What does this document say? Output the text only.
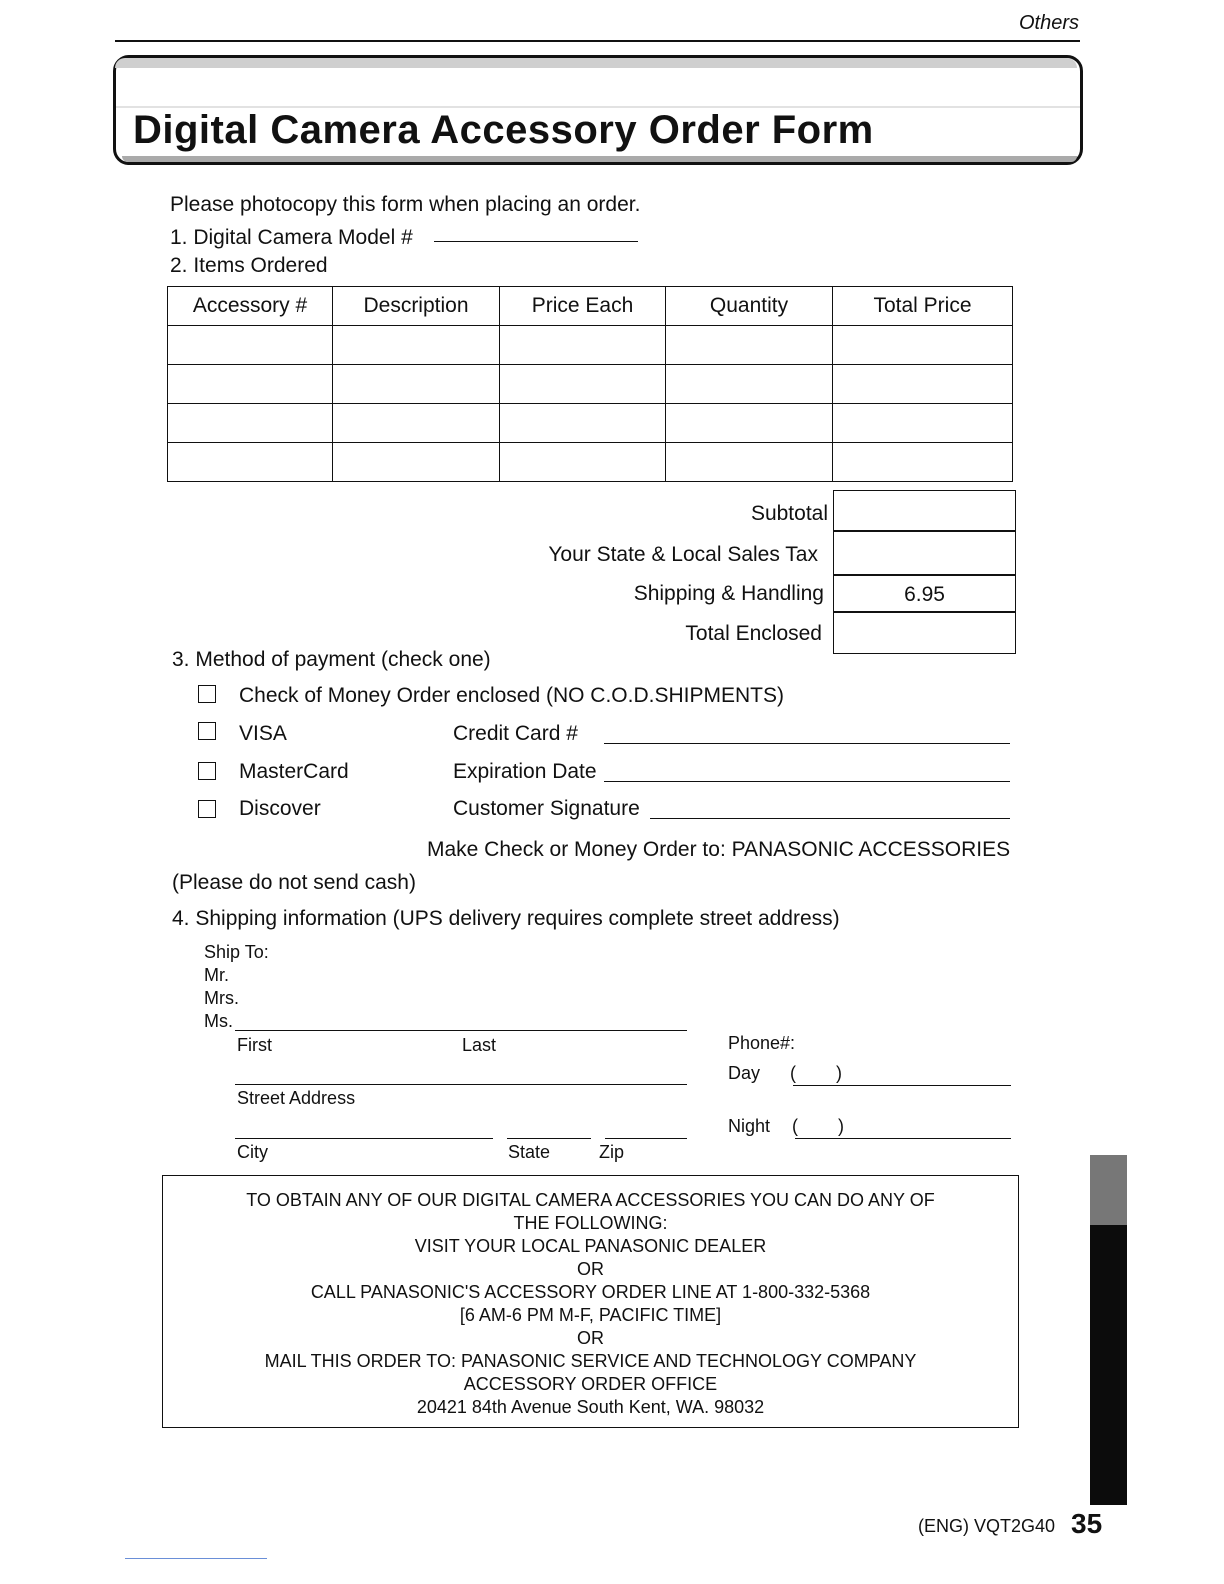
Others
Digital Camera Accessory Order Form
Please photocopy this form when placing an order.
1. Digital Camera Model #
2. Items Ordered
Accessory #	Description	Price Each	Quantity	Total Price

Subtotal
Your State & Local Sales Tax
Shipping & Handling	6.95
Total Enclosed
3. Method of payment (check one)
Check of Money Order enclosed (NO C.O.D.SHIPMENTS)
VISA	Credit Card #
MasterCard	Expiration Date
Discover	Customer Signature
Make Check or Money Order to: PANASONIC ACCESSORIES
(Please do not send cash)
4. Shipping information (UPS delivery requires complete street address)
Ship To:
Mr.
Mrs.
Ms.
First	Last
Street Address
City	State	Zip
Phone#:
Day ( )
Night ( )
TO OBTAIN ANY OF OUR DIGITAL CAMERA ACCESSORIES YOU CAN DO ANY OF
THE FOLLOWING:
VISIT YOUR LOCAL PANASONIC DEALER
OR
CALL PANASONIC'S ACCESSORY ORDER LINE AT 1-800-332-5368
[6 AM-6 PM M-F, PACIFIC TIME]
OR
MAIL THIS ORDER TO: PANASONIC SERVICE AND TECHNOLOGY COMPANY
ACCESSORY ORDER OFFICE
20421 84th Avenue South Kent, WA. 98032
(ENG) VQT2G40 35
